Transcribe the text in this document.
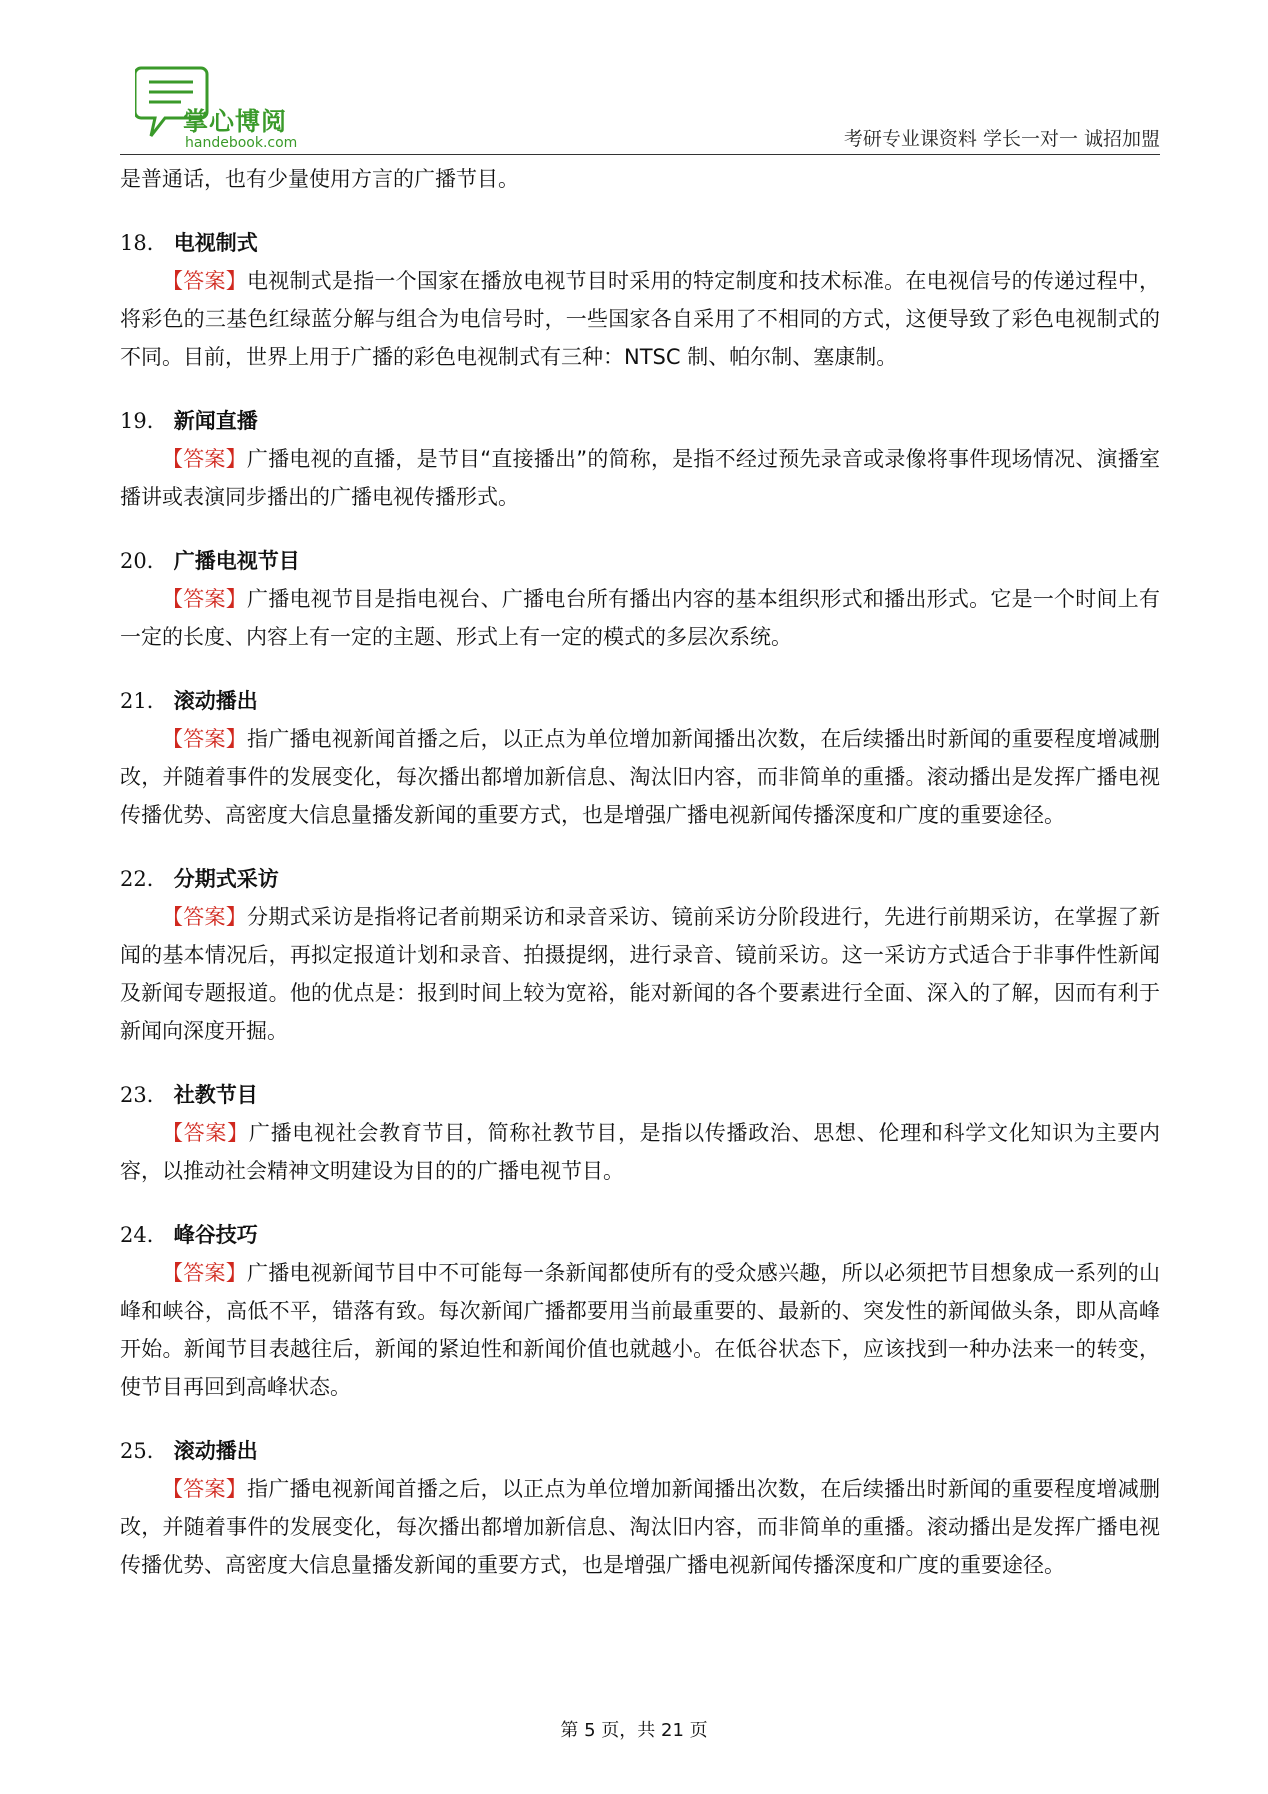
掌心博阅
handebook.com	考研专业课资料 学长一对一 诚招加盟

是普通话，也有少量使用方言的广播节目。

18． 电视制式

【答案】电视制式是指一个国家在播放电视节目时采用的特定制度和技术标准。在电视信号的传递过程中，将彩色的三基色红绿蓝分解与组合为电信号时，一些国家各自采用了不相同的方式，这便导致了彩色电视制式的不同。目前，世界上用于广播的彩色电视制式有三种：NTSC 制、帕尔制、塞康制。

19． 新闻直播

【答案】广播电视的直播，是节目“直接播出”的简称，是指不经过预先录音或录像将事件现场情况、演播室播讲或表演同步播出的广播电视传播形式。

20． 广播电视节目

【答案】广播电视节目是指电视台、广播电台所有播出内容的基本组织形式和播出形式。它是一个时间上有一定的长度、内容上有一定的主题、形式上有一定的模式的多层次系统。

21． 滚动播出

【答案】指广播电视新闻首播之后，以正点为单位增加新闻播出次数，在后续播出时新闻的重要程度增减删改，并随着事件的发展变化，每次播出都增加新信息、淘汰旧内容，而非简单的重播。滚动播出是发挥广播电视传播优势、高密度大信息量播发新闻的重要方式，也是增强广播电视新闻传播深度和广度的重要途径。

22． 分期式采访

【答案】分期式采访是指将记者前期采访和录音采访、镜前采访分阶段进行，先进行前期采访，在掌握了新闻的基本情况后，再拟定报道计划和录音、拍摄提纲，进行录音、镜前采访。这一采访方式适合于非事件性新闻及新闻专题报道。他的优点是：报到时间上较为宽裕，能对新闻的各个要素进行全面、深入的了解，因而有利于新闻向深度开掘。

23． 社教节目

【答案】广播电视社会教育节目，简称社教节目，是指以传播政治、思想、伦理和科学文化知识为主要内容，以推动社会精神文明建设为目的的广播电视节目。

24． 峰谷技巧

【答案】广播电视新闻节目中不可能每一条新闻都使所有的受众感兴趣，所以必须把节目想象成一系列的山峰和峡谷，高低不平，错落有致。每次新闻广播都要用当前最重要的、最新的、突发性的新闻做头条，即从高峰开始。新闻节目表越往后，新闻的紧迫性和新闻价值也就越小。在低谷状态下，应该找到一种办法来一的转变，使节目再回到高峰状态。

25． 滚动播出

【答案】指广播电视新闻首播之后，以正点为单位增加新闻播出次数，在后续播出时新闻的重要程度增减删改，并随着事件的发展变化，每次播出都增加新信息、淘汰旧内容，而非简单的重播。滚动播出是发挥广播电视传播优势、高密度大信息量播发新闻的重要方式，也是增强广播电视新闻传播深度和广度的重要途径。

第 5 页，共 21 页
